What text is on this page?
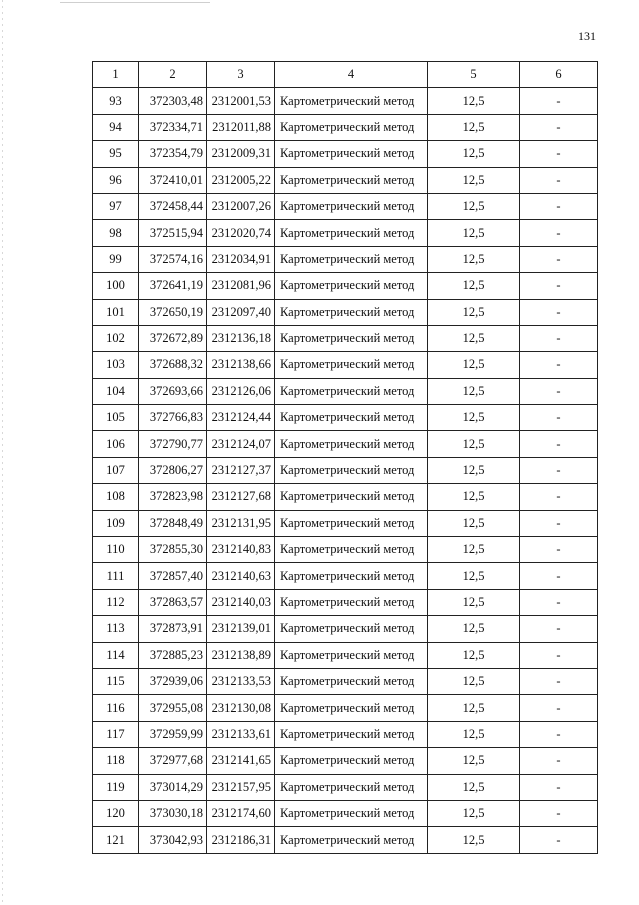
131
1	2	3	4	5	6
93	372303,48	2312001,53	Картометрический метод	12,5	-
94	372334,71	2312011,88	Картометрический метод	12,5	-
95	372354,79	2312009,31	Картометрический метод	12,5	-
96	372410,01	2312005,22	Картометрический метод	12,5	-
97	372458,44	2312007,26	Картометрический метод	12,5	-
98	372515,94	2312020,74	Картометрический метод	12,5	-
99	372574,16	2312034,91	Картометрический метод	12,5	-
100	372641,19	2312081,96	Картометрический метод	12,5	-
101	372650,19	2312097,40	Картометрический метод	12,5	-
102	372672,89	2312136,18	Картометрический метод	12,5	-
103	372688,32	2312138,66	Картометрический метод	12,5	-
104	372693,66	2312126,06	Картометрический метод	12,5	-
105	372766,83	2312124,44	Картометрический метод	12,5	-
106	372790,77	2312124,07	Картометрический метод	12,5	-
107	372806,27	2312127,37	Картометрический метод	12,5	-
108	372823,98	2312127,68	Картометрический метод	12,5	-
109	372848,49	2312131,95	Картометрический метод	12,5	-
110	372855,30	2312140,83	Картометрический метод	12,5	-
111	372857,40	2312140,63	Картометрический метод	12,5	-
112	372863,57	2312140,03	Картометрический метод	12,5	-
113	372873,91	2312139,01	Картометрический метод	12,5	-
114	372885,23	2312138,89	Картометрический метод	12,5	-
115	372939,06	2312133,53	Картометрический метод	12,5	-
116	372955,08	2312130,08	Картометрический метод	12,5	-
117	372959,99	2312133,61	Картометрический метод	12,5	-
118	372977,68	2312141,65	Картометрический метод	12,5	-
119	373014,29	2312157,95	Картометрический метод	12,5	-
120	373030,18	2312174,60	Картометрический метод	12,5	-
121	373042,93	2312186,31	Картометрический метод	12,5	-
